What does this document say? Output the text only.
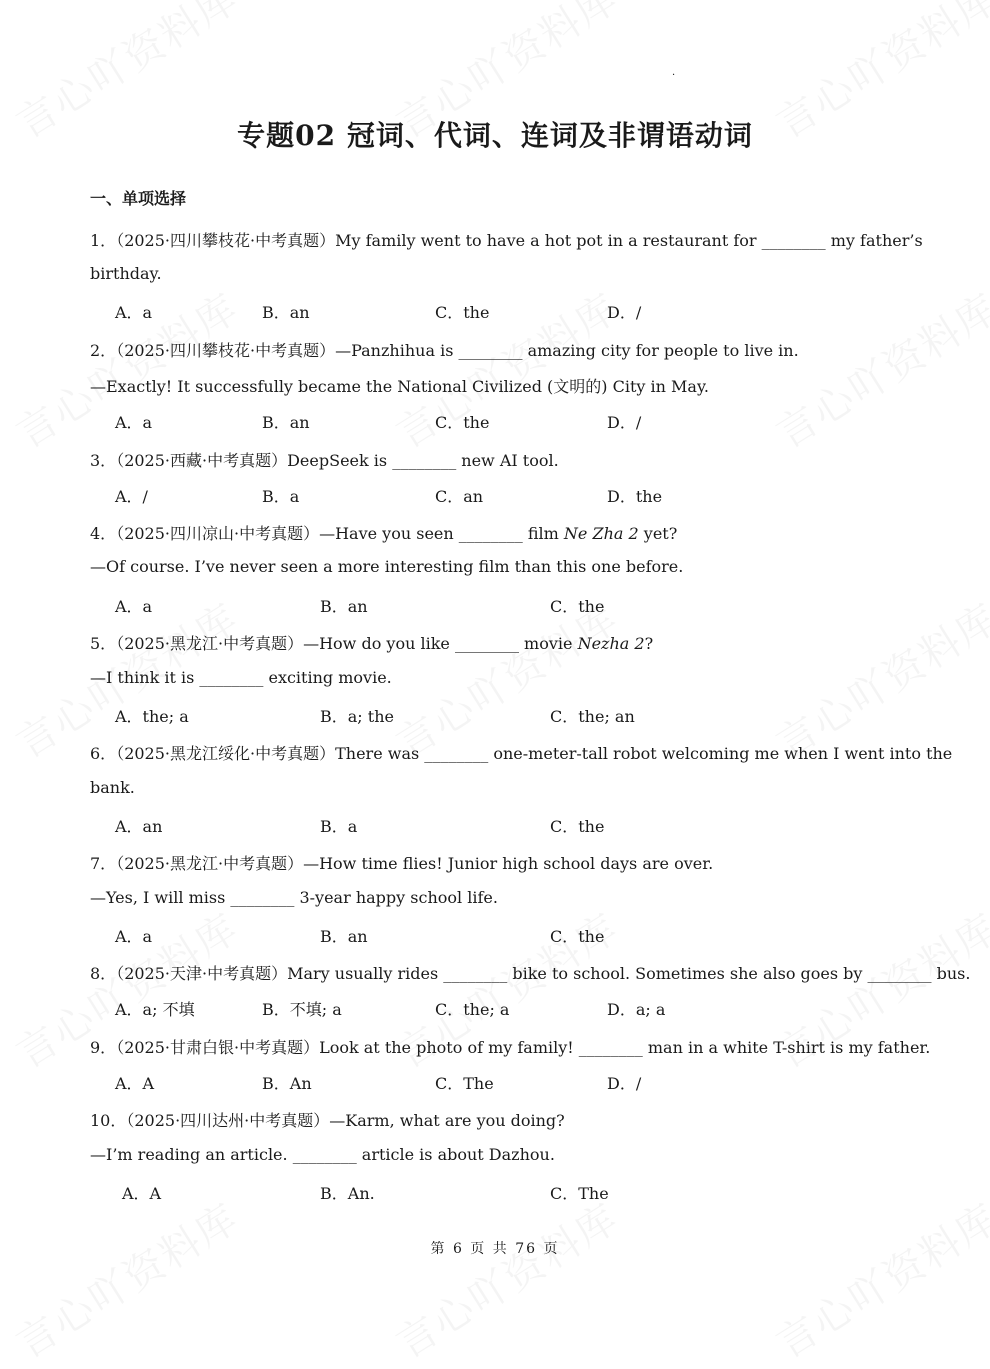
·
专题02 冠词、代词、连词及非谓语动词
一、单项选择
1．（2025·四川攀枝花·中考真题）My family went to have a hot pot in a restaurant for ________ my father’s
birthday.
A．a	B．an	C．the	D．/
2．（2025·四川攀枝花·中考真题）—Panzhihua is ________ amazing city for people to live in.
—Exactly! It successfully became the National Civilized (文明的) City in May.
A．a	B．an	C．the	D．/
3．（2025·西藏·中考真题）DeepSeek is ________ new AI tool.
A．/	B．a	C．an	D．the
4．（2025·四川凉山·中考真题）—Have you seen ________ film Ne Zha 2 yet?
—Of course. I’ve never seen a more interesting film than this one before.
A．a	B．an	C．the
5．（2025·黑龙江·中考真题）—How do you like ________ movie Nezha 2?
—I think it is ________ exciting movie.
A．the; a	B．a; the	C．the; an
6．（2025·黑龙江绥化·中考真题）There was ________ one-meter-tall robot welcoming me when I went into the
bank.
A．an	B．a	C．the
7．（2025·黑龙江·中考真题）—How time flies! Junior high school days are over.
—Yes, I will miss ________ 3-year happy school life.
A．a	B．an	C．the
8．（2025·天津·中考真题）Mary usually rides ________ bike to school. Sometimes she also goes by ________ bus.
A．a; 不填	B．不填; a	C．the; a	D．a; a
9．（2025·甘肃白银·中考真题）Look at the photo of my family! ________ man in a white T-shirt is my father.
A．A	B．An	C．The	D．/
10．（2025·四川达州·中考真题）—Karm, what are you doing?
—I’m reading an article. ________ article is about Dazhou.
A．A	B．An.	C．The
第 6 页 共 76 页
